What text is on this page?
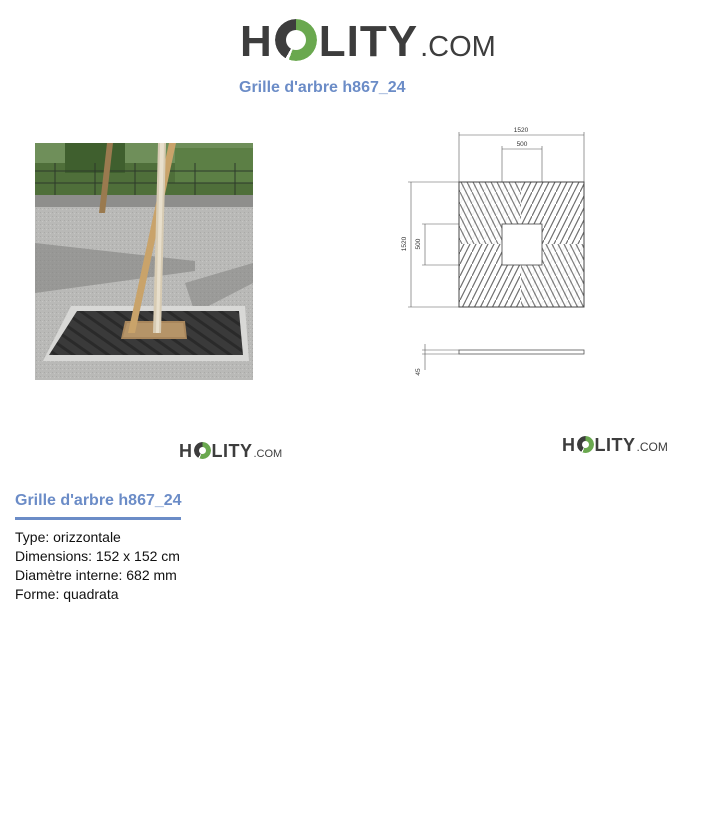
H LITY .COM
Grille d'arbre h867_24
1520
500
1520 500
45
H LITY .COM	H LITY .COM
Grille d'arbre h867_24
Type: orizzontale
Dimensions: 152 x 152 cm
Diamètre interne: 682 mm
Forme: quadrata
